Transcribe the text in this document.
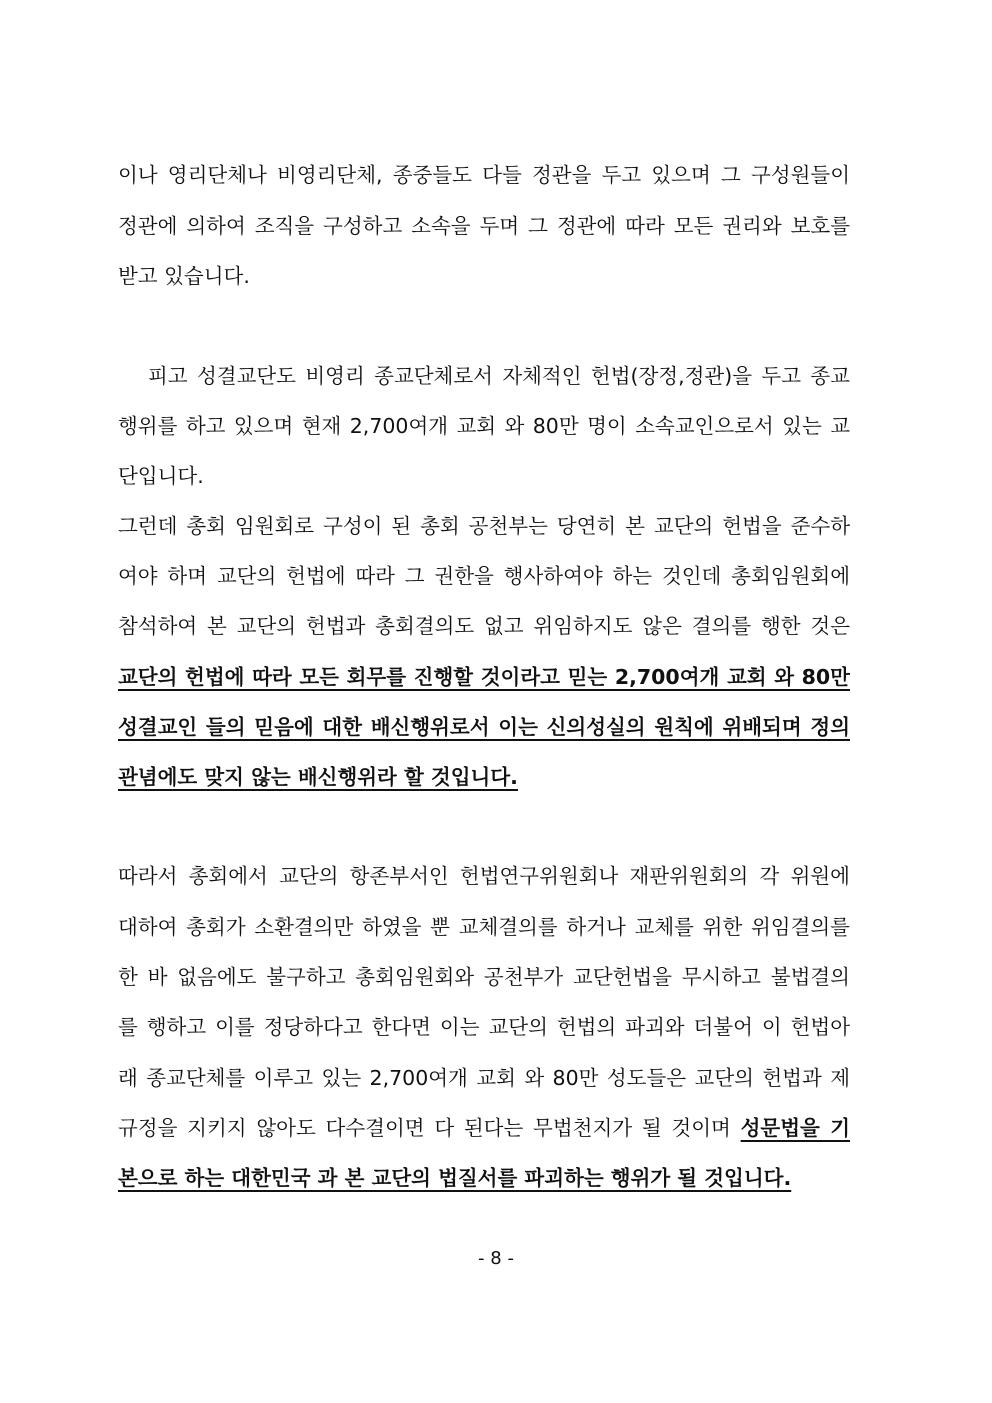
이나 영리단체나 비영리단체, 종중들도 다들 정관을 두고 있으며 그 구성원들이
정관에 의하여 조직을 구성하고 소속을 두며 그 정관에 따라 모든 권리와 보호를
받고 있습니다.
피고 성결교단도 비영리 종교단체로서 자체적인 헌법(장정,정관)을 두고 종교
행위를 하고 있으며 현재 2,700여개 교회 와 80만 명이 소속교인으로서 있는 교
단입니다.
그런데 총회 임원회로 구성이 된 총회 공천부는 당연히 본 교단의 헌법을 준수하
여야 하며 교단의 헌법에 따라 그 권한을 행사하여야 하는 것인데 총회임원회에
참석하여 본 교단의 헌법과 총회결의도 없고 위임하지도 않은 결의를 행한 것은
교단의 헌법에 따라 모든 회무를 진행할 것이라고 믿는 2,700여개 교회 와 80만
성결교인 들의 믿음에 대한 배신행위로서 이는 신의성실의 원칙에 위배되며 정의
관념에도 맞지 않는 배신행위라 할 것입니다.
따라서 총회에서 교단의 항존부서인 헌법연구위원회나 재판위원회의 각 위원에
대하여 총회가 소환결의만 하였을 뿐 교체결의를 하거나 교체를 위한 위임결의를
한 바 없음에도 불구하고 총회임원회와 공천부가 교단헌법을 무시하고 불법결의
를 행하고 이를 정당하다고 한다면 이는 교단의 헌법의 파괴와 더불어 이 헌법아
래 종교단체를 이루고 있는 2,700여개 교회 와 80만 성도들은 교단의 헌법과 제
규정을 지키지 않아도 다수결이면 다 된다는 무법천지가 될 것이며 성문법을 기
본으로 하는 대한민국 과 본 교단의 법질서를 파괴하는 행위가 될 것입니다.
- 8 -
